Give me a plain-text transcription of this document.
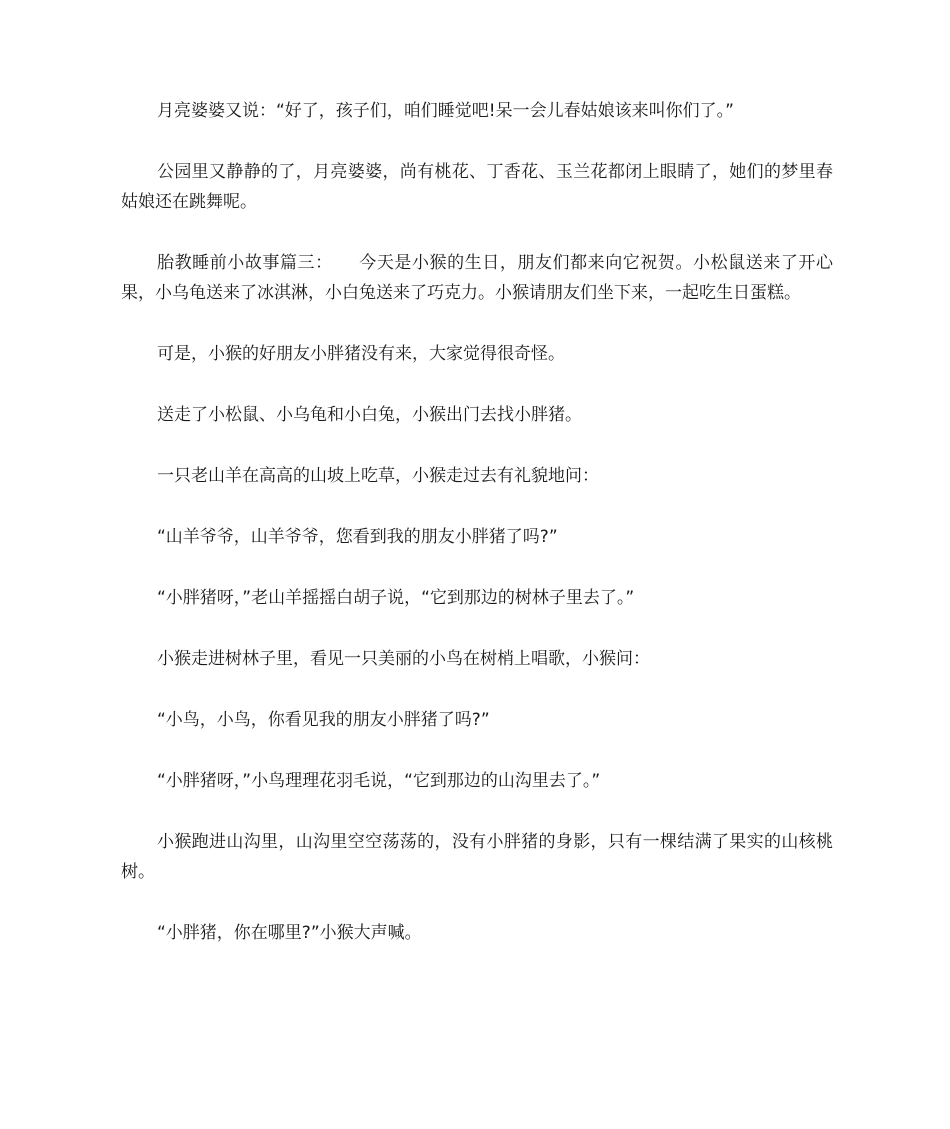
月亮婆婆又说：“好了，孩子们，咱们睡觉吧!呆一会儿春姑娘该来叫你们了。”

公园里又静静的了，月亮婆婆，尚有桃花、丁香花、玉兰花都闭上眼睛了，她们的梦里春姑娘还在跳舞呢。

胎教睡前小故事篇三：　　今天是小猴的生日，朋友们都来向它祝贺。小松鼠送来了开心果，小乌龟送来了冰淇淋，小白兔送来了巧克力。小猴请朋友们坐下来，一起吃生日蛋糕。

可是，小猴的好朋友小胖猪没有来，大家觉得很奇怪。

送走了小松鼠、小乌龟和小白兔，小猴出门去找小胖猪。

一只老山羊在高高的山坡上吃草，小猴走过去有礼貌地问：

“山羊爷爷，山羊爷爷，您看到我的朋友小胖猪了吗?”

“小胖猪呀，”老山羊摇摇白胡子说，“它到那边的树林子里去了。”

小猴走进树林子里，看见一只美丽的小鸟在树梢上唱歌，小猴问：

“小鸟，小鸟，你看见我的朋友小胖猪了吗?”

“小胖猪呀，”小鸟理理花羽毛说，“它到那边的山沟里去了。”

小猴跑进山沟里，山沟里空空荡荡的，没有小胖猪的身影，只有一棵结满了果实的山核桃树。

“小胖猪，你在哪里?”小猴大声喊。
